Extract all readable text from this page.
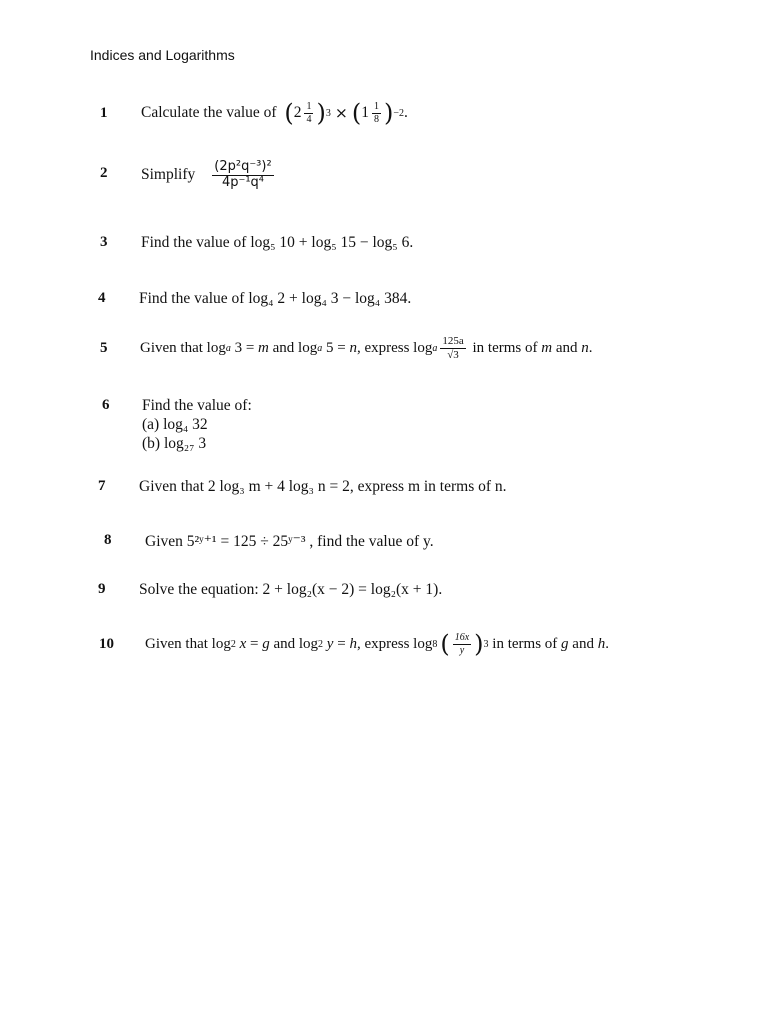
Indices and Logarithms
1 Calculate the value of
( $2 \frac{1}{4}$ ) 3 × ( $1 \frac{1}{8}$ ) −2 .
2 Simplify $\frac{\text{(2p²q⁻³)²}}{\text{4p⁻¹q⁴}}$
3 Find the value of log₅ 10 + log₅ 15 − log₅ 6.
4 Find the value of log₄ 2 + log₄ 3 − log₄ 384.
5 Given that log a 3 = m and log a 5 = n , express log a $\frac{125a}{√3}$ in terms of m and n .
6 Find the value of:
(a) log₄ 32
(b) log₂₇ 3
7 Given that 2 log₃ m + 4 log₃ n = 2, express m in terms of n.
8 Given 5²ʸ⁺¹ = 125 ÷ 25ʸ⁻³ , find the value of y.
9 Solve the equation: 2 + log₂(x − 2) = log₂(x + 1).
10 Given that log 2
x = g and log 2
y = h , express log 8 ( $\frac{16x}{y}$ ) 3 in terms of g and h .
